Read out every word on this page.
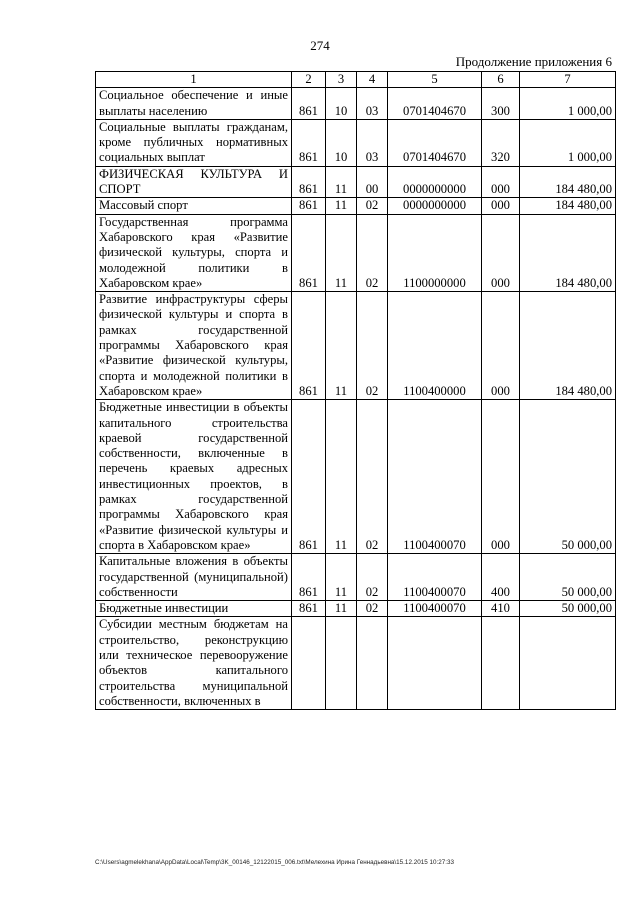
274
Продолжение приложения 6
1	2	3	4	5	6	7
Социальное обеспечение и иные выплаты населению	861	10	03	0701404670	300	1 000,00
Социальные выплаты гражданам, кроме публичных нормативных социальных выплат	861	10	03	0701404670	320	1 000,00
ФИЗИЧЕСКАЯ КУЛЬТУРА И СПОРТ	861	11	00	0000000000	000	184 480,00
Массовый спорт	861	11	02	0000000000	000	184 480,00
Государственная программа Хабаровского края «Развитие физической культуры, спорта и молодежной политики в Хабаровском крае»	861	11	02	1100000000	000	184 480,00
Развитие инфраструктуры сферы физической культуры и спорта в рамках государственной программы Хабаровского края «Развитие физической культуры, спорта и молодежной политики в Хабаровском крае»	861	11	02	1100400000	000	184 480,00
Бюджетные инвестиции в объекты капитального строительства краевой государственной собственности, включенные в перечень краевых адресных инвестиционных проектов, в рамках государственной программы Хабаровского края «Развитие физической культуры и спорта в Хабаровском крае»	861	11	02	1100400070	000	50 000,00
Капитальные вложения в объекты государственной (муниципальной) собственности	861	11	02	1100400070	400	50 000,00
Бюджетные инвестиции	861	11	02	1100400070	410	50 000,00
Субсидии местным бюджетам на строительство, реконструкцию или техническое перевооружение объектов капитального строительства муниципальной собственности, включенных в						
C:\Users\agmelekhana\AppData\Local\Temp\3K_00146_12122015_006.txt\Мелехина Ирина Геннадьевна\15.12.2015 10:27:33
